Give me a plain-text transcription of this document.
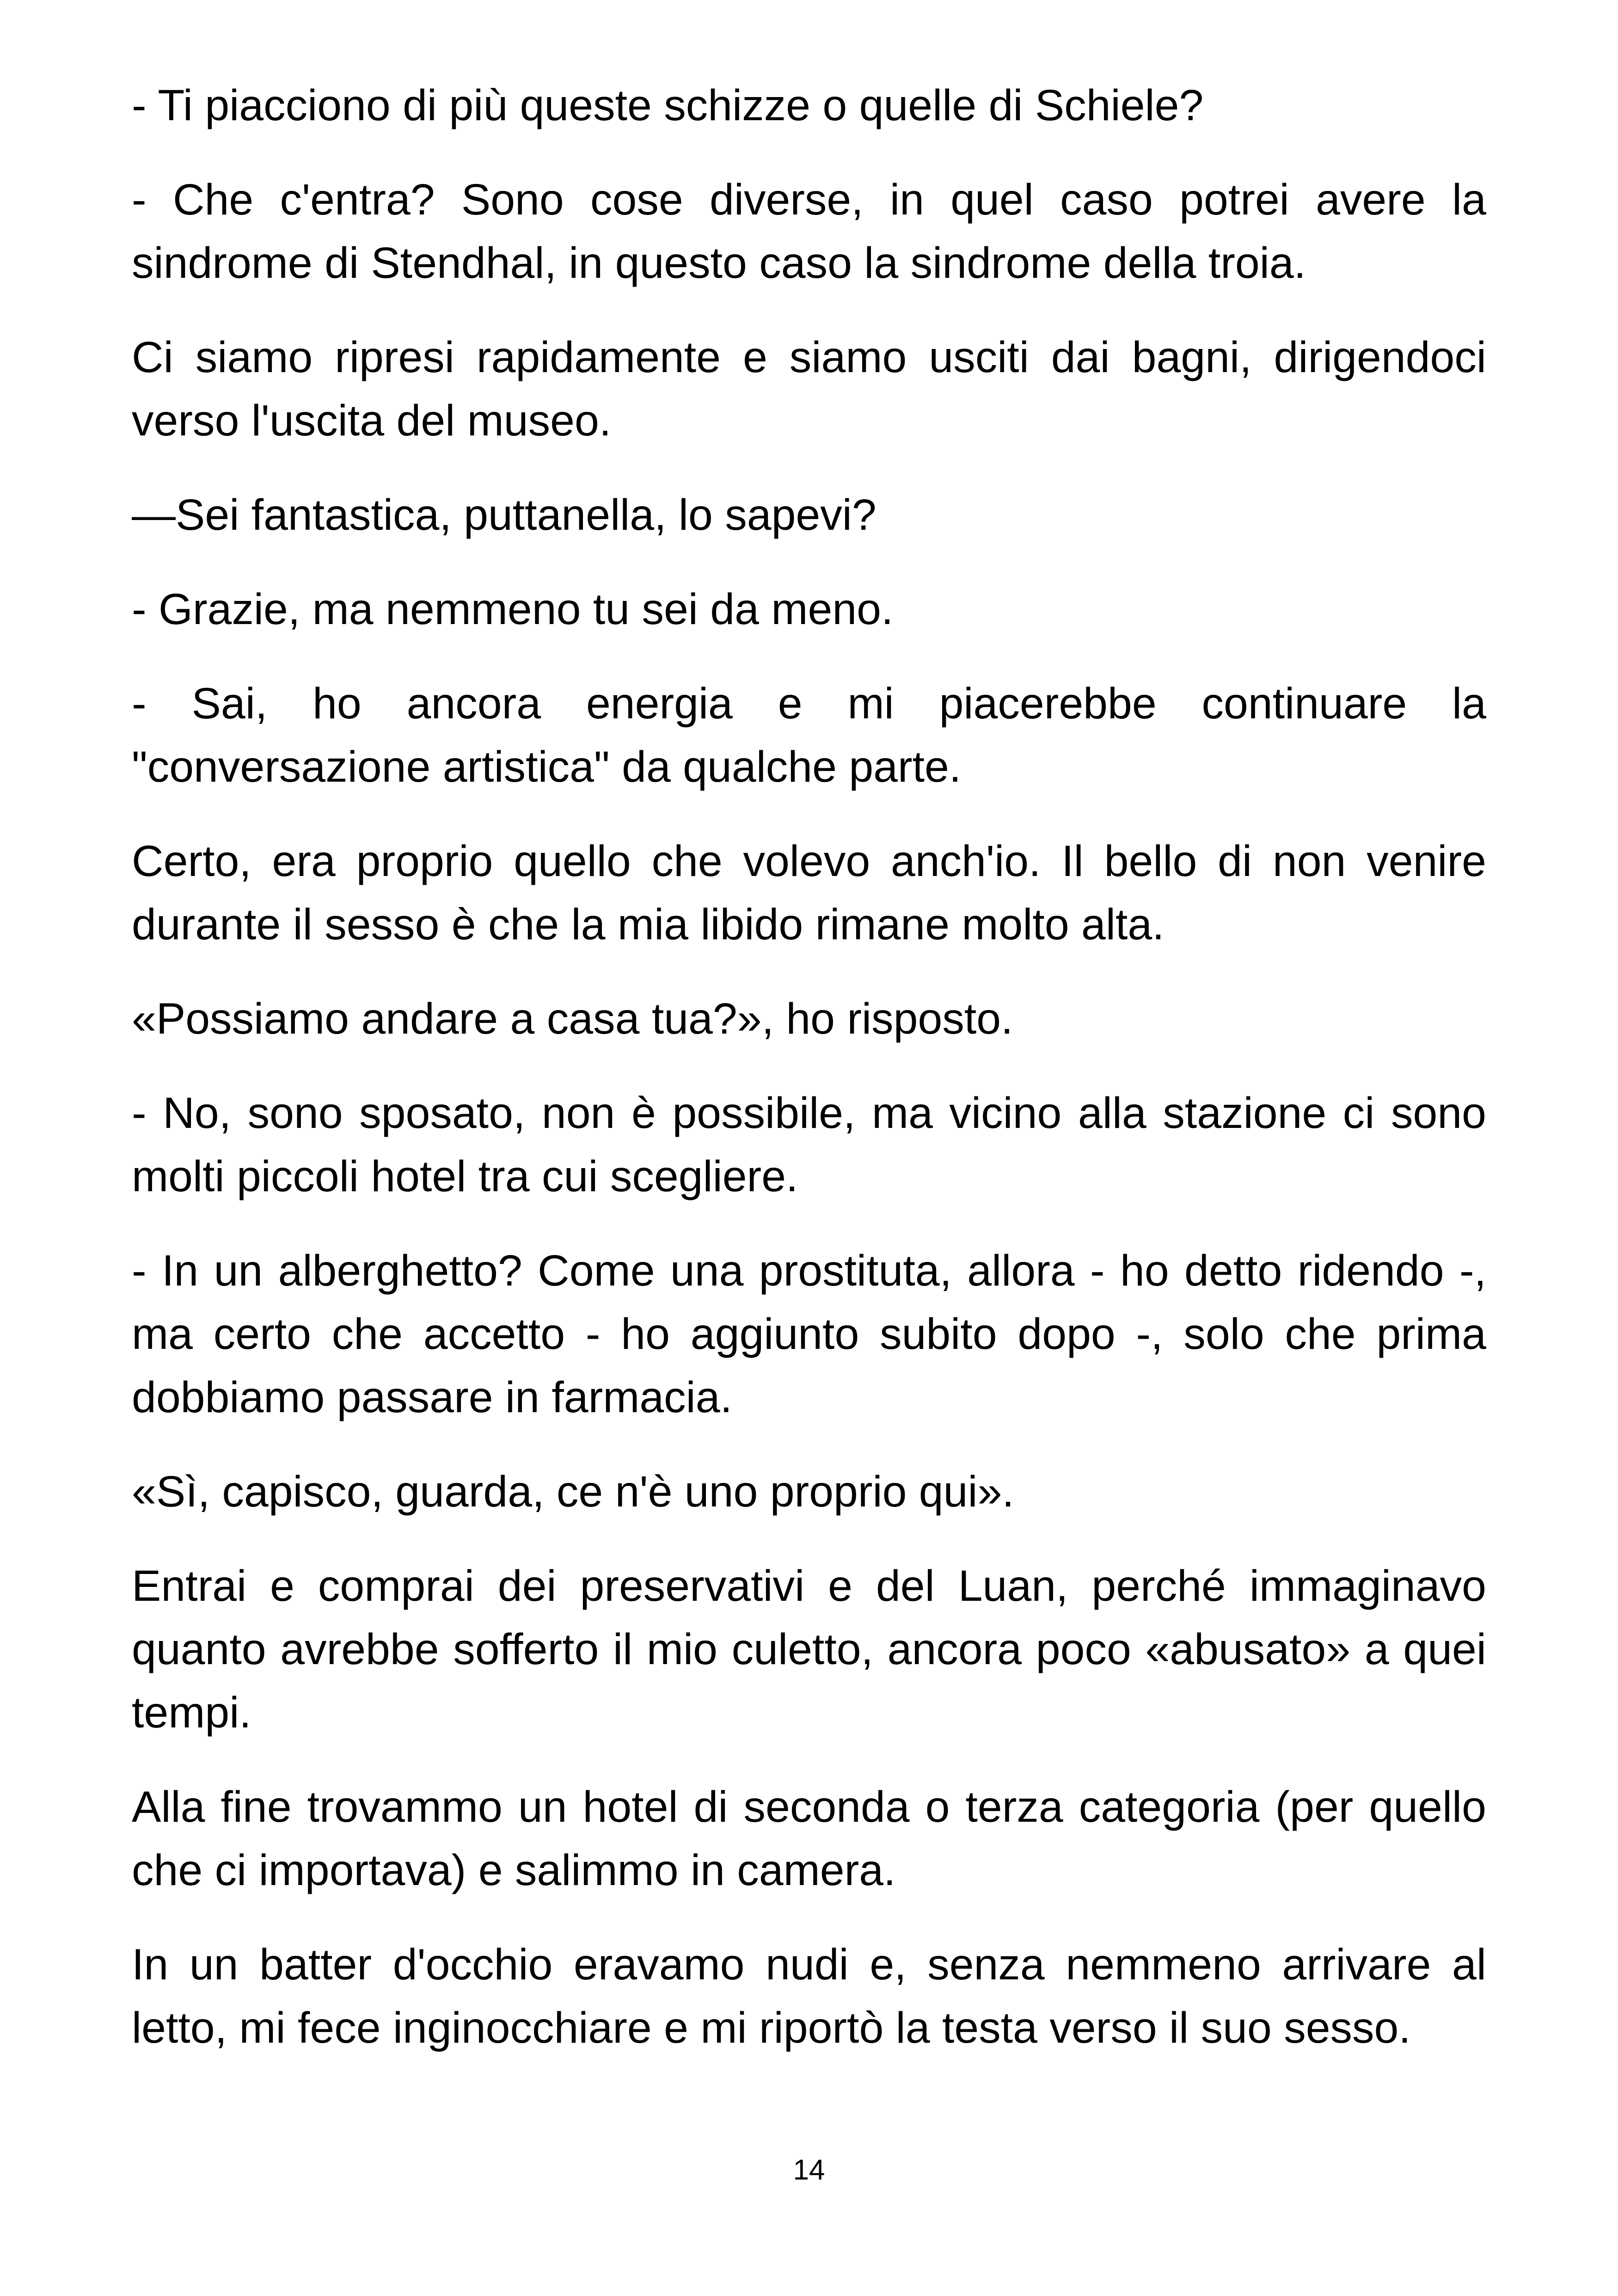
- Ti piacciono di più queste schizze o quelle di Schiele?

- Che c'entra? Sono cose diverse, in quel caso potrei avere la sindrome di Stendhal, in questo caso la sindrome della troia.

Ci siamo ripresi rapidamente e siamo usciti dai bagni, dirigendoci verso l'uscita del museo.

—Sei fantastica, puttanella, lo sapevi?

- Grazie, ma nemmeno tu sei da meno.

- Sai, ho ancora energia e mi piacerebbe continuare la "conversazione artistica" da qualche parte.

Certo, era proprio quello che volevo anch'io. Il bello di non venire durante il sesso è che la mia libido rimane molto alta.

«Possiamo andare a casa tua?», ho risposto.

- No, sono sposato, non è possibile, ma vicino alla stazione ci sono molti piccoli hotel tra cui scegliere.

- In un alberghetto? Come una prostituta, allora - ho detto ridendo -, ma certo che accetto - ho aggiunto subito dopo -, solo che prima dobbiamo passare in farmacia.

«Sì, capisco, guarda, ce n'è uno proprio qui».

Entrai e comprai dei preservativi e del Luan, perché immaginavo quanto avrebbe sofferto il mio culetto, ancora poco «abusato» a quei tempi.

Alla fine trovammo un hotel di seconda o terza categoria (per quello che ci importava) e salimmo in camera.

In un batter d'occhio eravamo nudi e, senza nemmeno arrivare al letto, mi fece inginocchiare e mi riportò la testa verso il suo sesso.

14
